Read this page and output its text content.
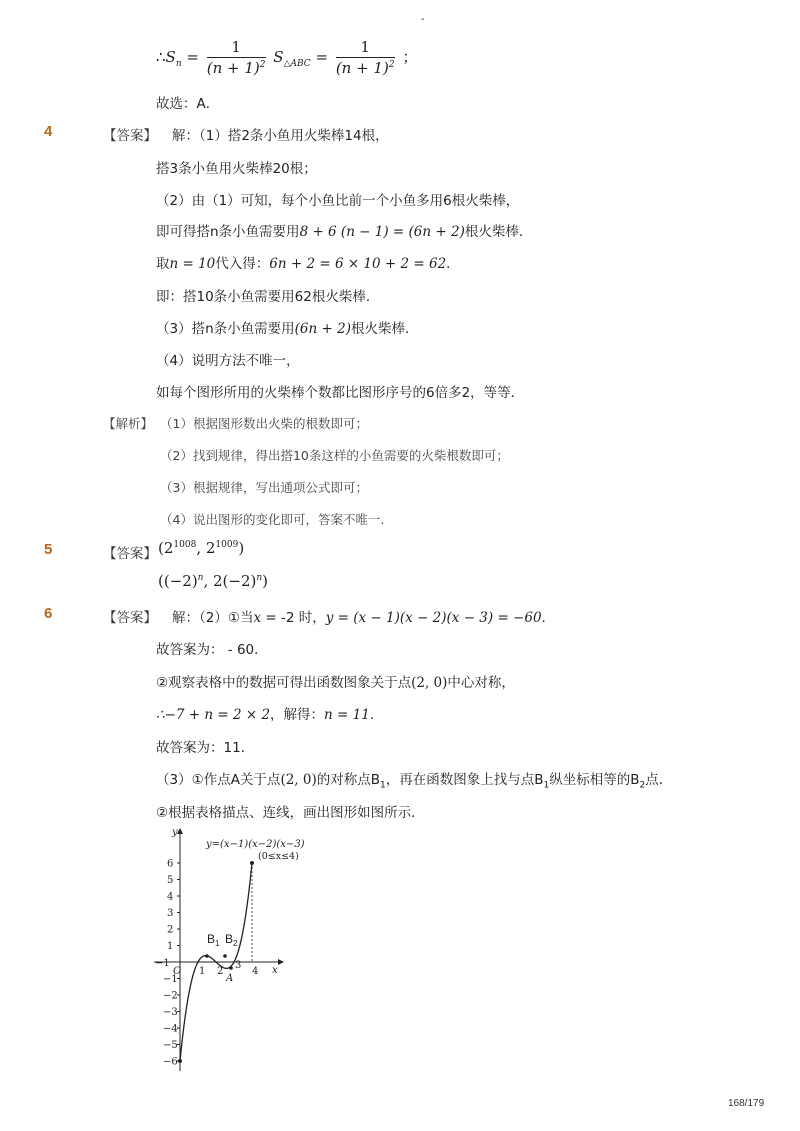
-
$\therefore S_n = \frac{1}{(n + 1)^2} S_{\triangle ABC} = \frac{1}{(n + 1)^2}$ ；
故选：A．
4	【答案】 解：（1）搭2条小鱼用火柴棒14根，
搭3条小鱼用火柴棒20根；
（2）由（1）可知，每个小鱼比前一个小鱼多用6根火柴棒，
即可得搭n条小鱼需要用8 + 6 (n − 1) = (6n + 2)根火柴棒．
取n = 10代入得：6n + 2 = 6 × 10 + 2 = 62．
即：搭10条小鱼需要用62根火柴棒．
（3）搭n条小鱼需要用(6n + 2)根火柴棒．
（4）说明方法不唯一，
如每个图形所用的火柴棒个数都比图形序号的6倍多2，等等．
【解析】 （1）根据图形数出火柴的根数即可；
（2）找到规律，得出搭10条这样的小鱼需要的火柴根数即可；
（3）根据规律，写出通项公式即可；
（4）说出图形的变化即可，答案不唯一.
5	【答案】 ($2^{1008}$, $2^{1009}$)
($(-2)^n$, $2(-2)^n$)
6	【答案】 解：（2）①当x = -2 时，y = (x − 1)(x − 2)(x − 3) = −60．
故答案为： - 60．
②观察表格中的数据可得出函数图象关于点(2, 0)中心对称，
∴−7 + n = 2 × 2，解得：n = 11．
故答案为：11．
（3）①作点A关于点(2, 0)的对称点$B_1$，再在函数图象上找与点$B_1$纵坐标相等的$B_2$点．
②根据表格描点、连线，画出图形如图所示．
x
y
O
1
2
3
4
5
6
−1
−2
−3
−4
−5
−6
−1
1 2
3
4
$B_1$ $B_2$
A
y=(x−1)(x−2)(x−3)
(0≤x≤4)
168/179
